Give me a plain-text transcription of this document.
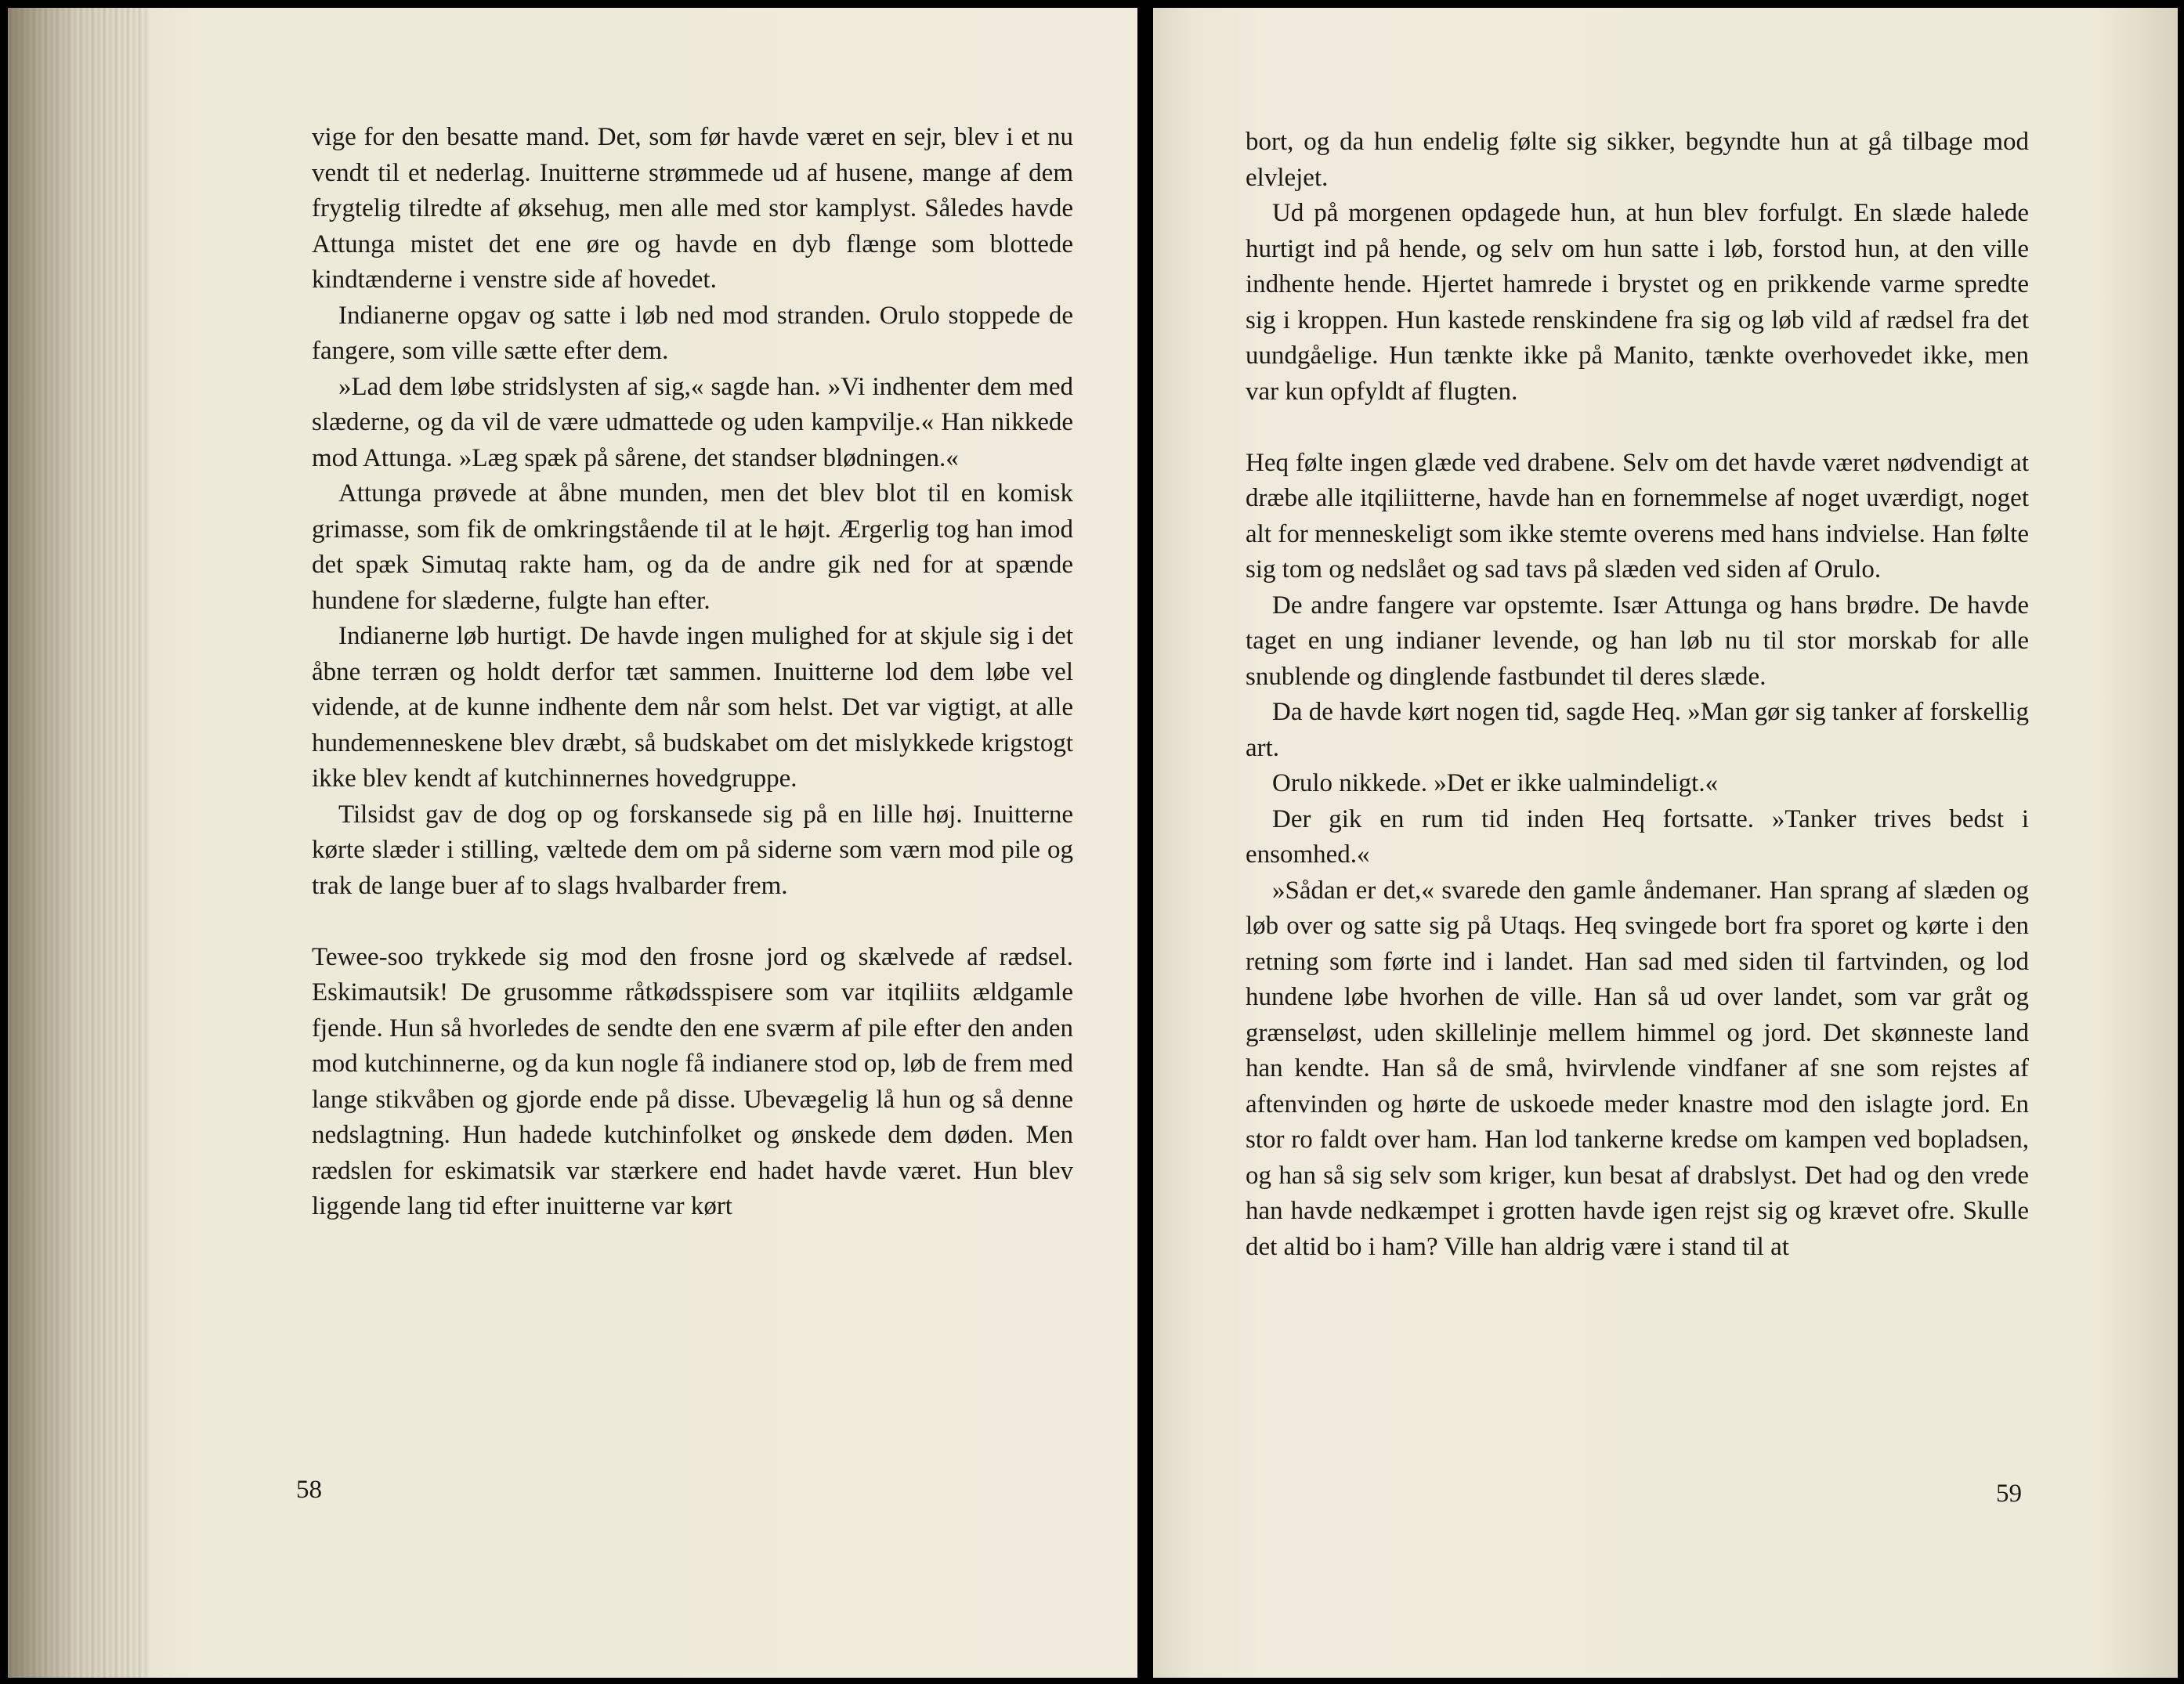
vige for den besatte mand. Det, som før havde været en sejr, blev i et nu vendt til et nederlag. Inuitterne strømmede ud af husene, mange af dem frygtelig tilredte af øksehug, men alle med stor kamplyst. Således havde Attunga mistet det ene øre og havde en dyb flænge som blottede kindtænderne i venstre side af hovedet.

Indianerne opgav og satte i løb ned mod stranden. Orulo stoppede de fangere, som ville sætte efter dem.

»Lad dem løbe stridslysten af sig,« sagde han. »Vi indhenter dem med slæderne, og da vil de være udmattede og uden kampvilje.« Han nikkede mod Attunga. »Læg spæk på sårene, det standser blødningen.«

Attunga prøvede at åbne munden, men det blev blot til en komisk grimasse, som fik de omkringstående til at le højt. Ærgerlig tog han imod det spæk Simutaq rakte ham, og da de andre gik ned for at spænde hundene for slæderne, fulgte han efter.

Indianerne løb hurtigt. De havde ingen mulighed for at skjule sig i det åbne terræn og holdt derfor tæt sammen. Inuitterne lod dem løbe vel vidende, at de kunne indhente dem når som helst. Det var vigtigt, at alle hundemenneskene blev dræbt, så budskabet om det mislykkede krigstogt ikke blev kendt af kutchinnernes hovedgruppe.

Tilsidst gav de dog op og forskansede sig på en lille høj. Inuitterne kørte slæder i stilling, væltede dem om på siderne som værn mod pile og trak de lange buer af to slags hvalbarder frem.

Tewee-soo trykkede sig mod den frosne jord og skælvede af rædsel. Eskimautsik! De grusomme råtkødsspisere som var itqiliits ældgamle fjende. Hun så hvorledes de sendte den ene sværm af pile efter den anden mod kutchinnerne, og da kun nogle få indianere stod op, løb de frem med lange stikvåben og gjorde ende på disse. Ubevægelig lå hun og så denne nedslagtning. Hun hadede kutchinfolket og ønskede dem døden. Men rædslen for eskimatsik var stærkere end hadet havde været. Hun blev liggende lang tid efter inuitterne var kørt

58

bort, og da hun endelig følte sig sikker, begyndte hun at gå tilbage mod elvlejet.

Ud på morgenen opdagede hun, at hun blev forfulgt. En slæde halede hurtigt ind på hende, og selv om hun satte i løb, forstod hun, at den ville indhente hende. Hjertet hamrede i brystet og en prikkende varme spredte sig i kroppen. Hun kastede renskindene fra sig og løb vild af rædsel fra det uundgåelige. Hun tænkte ikke på Manito, tænkte overhovedet ikke, men var kun opfyldt af flugten.

Heq følte ingen glæde ved drabene. Selv om det havde været nødvendigt at dræbe alle itqiliitterne, havde han en fornemmelse af noget uværdigt, noget alt for menneskeligt som ikke stemte overens med hans indvielse. Han følte sig tom og nedslået og sad tavs på slæden ved siden af Orulo.

De andre fangere var opstemte. Især Attunga og hans brødre. De havde taget en ung indianer levende, og han løb nu til stor morskab for alle snublende og dinglende fastbundet til deres slæde.

Da de havde kørt nogen tid, sagde Heq. »Man gør sig tanker af forskellig art.

Orulo nikkede. »Det er ikke ualmindeligt.«

Der gik en rum tid inden Heq fortsatte. »Tanker trives bedst i ensomhed.«

»Sådan er det,« svarede den gamle åndemaner. Han sprang af slæden og løb over og satte sig på Utaqs. Heq svingede bort fra sporet og kørte i den retning som førte ind i landet. Han sad med siden til fartvinden, og lod hundene løbe hvorhen de ville. Han så ud over landet, som var gråt og grænseløst, uden skillelinje mellem himmel og jord. Det skønneste land han kendte. Han så de små, hvirvlende vindfaner af sne som rejstes af aftenvinden og hørte de uskoede meder knastre mod den islagte jord. En stor ro faldt over ham. Han lod tankerne kredse om kampen ved bopladsen, og han så sig selv som kriger, kun besat af drabslyst. Det had og den vrede han havde nedkæmpet i grotten havde igen rejst sig og krævet ofre. Skulle det altid bo i ham? Ville han aldrig være i stand til at

59
